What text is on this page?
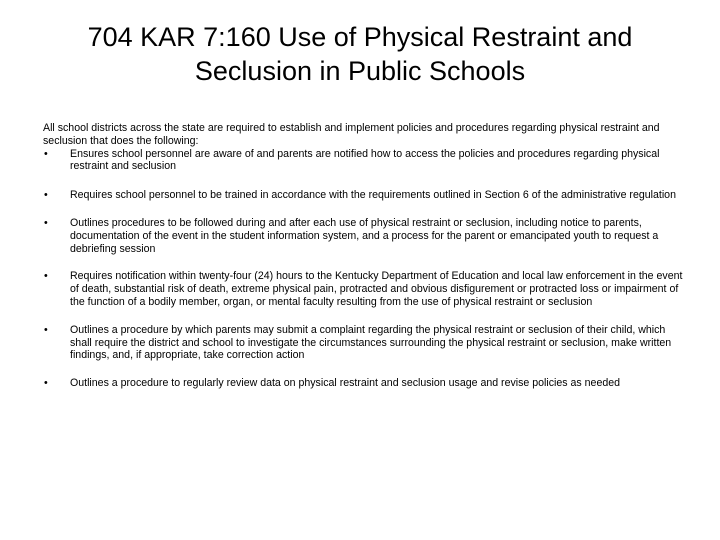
704 KAR 7:160 Use of Physical Restraint and
Seclusion in Public Schools

All school districts across the state are required to establish and implement policies and procedures regarding physical restraint and seclusion that does the following:

• Ensures school personnel are aware of and parents are notified how to access the policies and procedures regarding physical restraint and seclusion
• Requires school personnel to be trained in accordance with the requirements outlined in Section 6 of the administrative regulation
• Outlines procedures to be followed during and after each use of physical restraint or seclusion, including notice to parents, documentation of the event in the student information system, and a process for the parent or emancipated youth to request a debriefing session
• Requires notification within twenty-four (24) hours to the Kentucky Department of Education and local law enforcement in the event of death, substantial risk of death, extreme physical pain, protracted and obvious disfigurement or protracted loss or impairment of the function of a bodily member, organ, or mental faculty resulting from the use of physical restraint or seclusion
• Outlines a procedure by which parents may submit a complaint regarding the physical restraint or seclusion of their child, which shall require the district and school to investigate the circumstances surrounding the physical restraint or seclusion, make written findings, and, if appropriate, take correction action
• Outlines a procedure to regularly review data on physical restraint and seclusion usage and revise policies as needed
